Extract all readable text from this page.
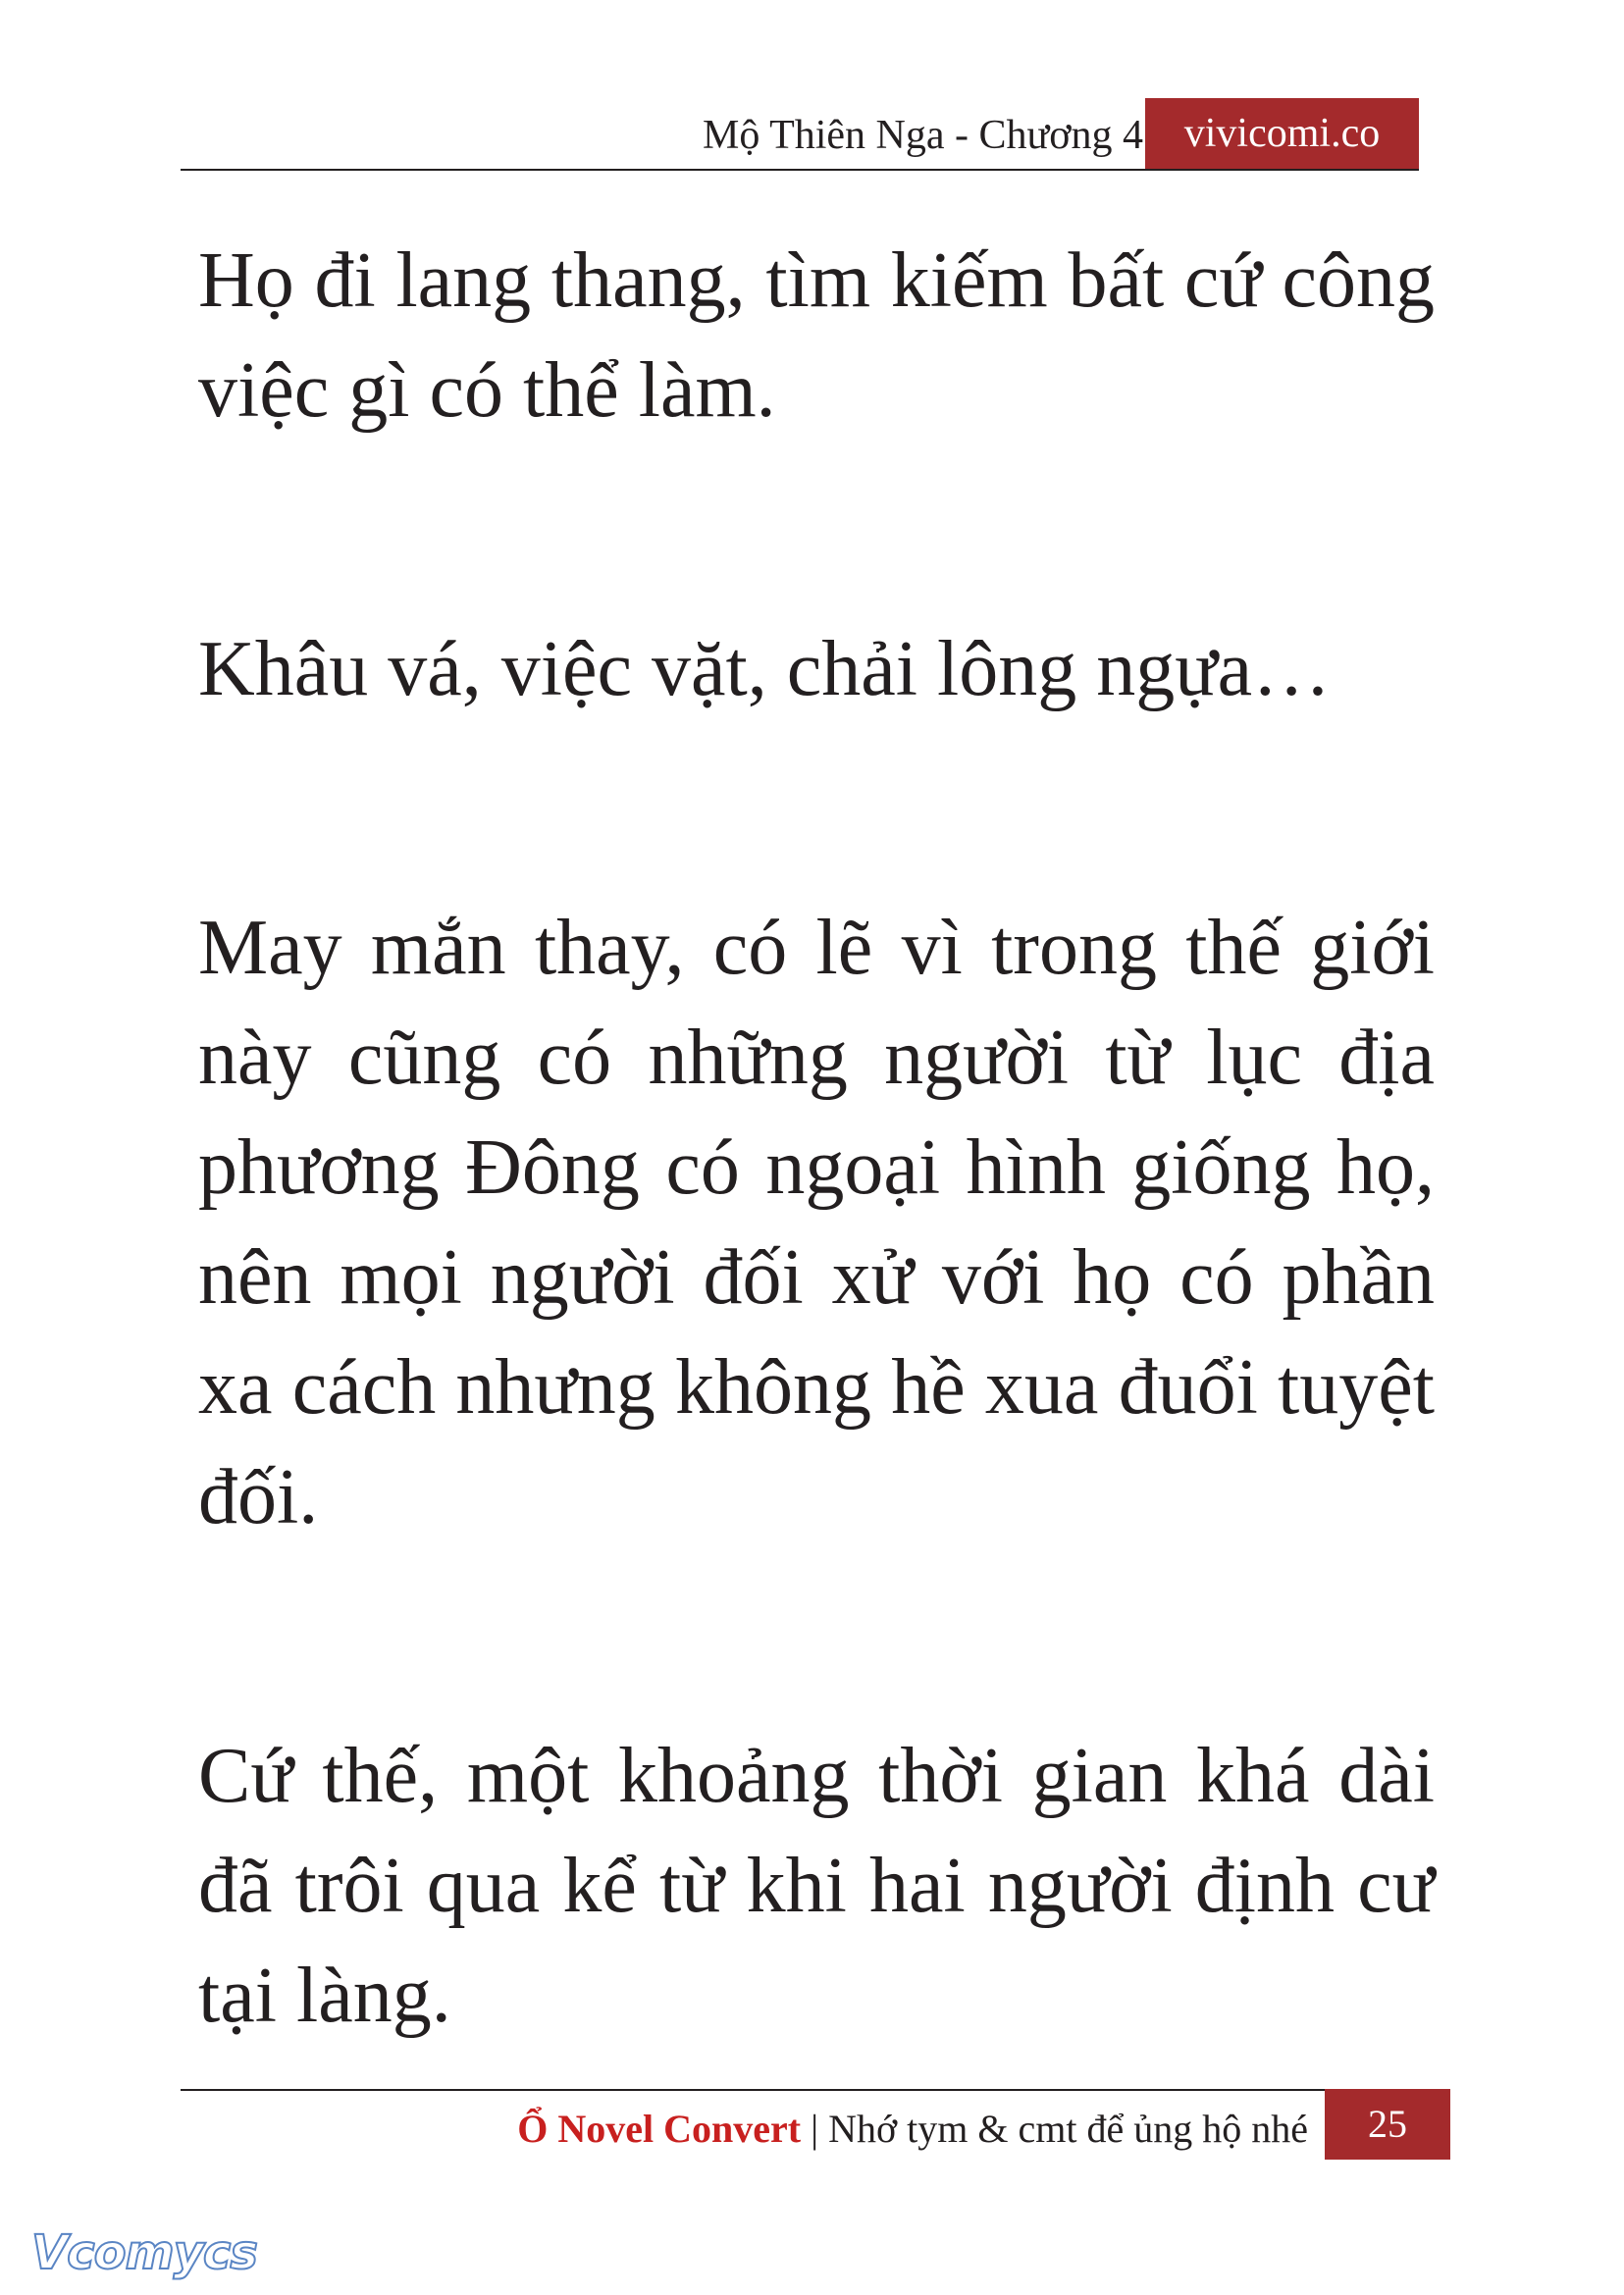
Mộ Thiên Nga - Chương 4 vivicomi.co

Họ đi lang thang, tìm kiếm bất cứ công việc gì có thể làm.

Khâu vá, việc vặt, chải lông ngựa…

May mắn thay, có lẽ vì trong thế giới này cũng có những người từ lục địa phương Đông có ngoại hình giống họ, nên mọi người đối xử với họ có phần xa cách nhưng không hề xua đuổi tuyệt đối.

Cứ thế, một khoảng thời gian khá dài đã trôi qua kể từ khi hai người định cư tại làng.

Ổ Novel Convert | Nhớ tym & cmt để ủng hộ nhé	25
Vcomycs
